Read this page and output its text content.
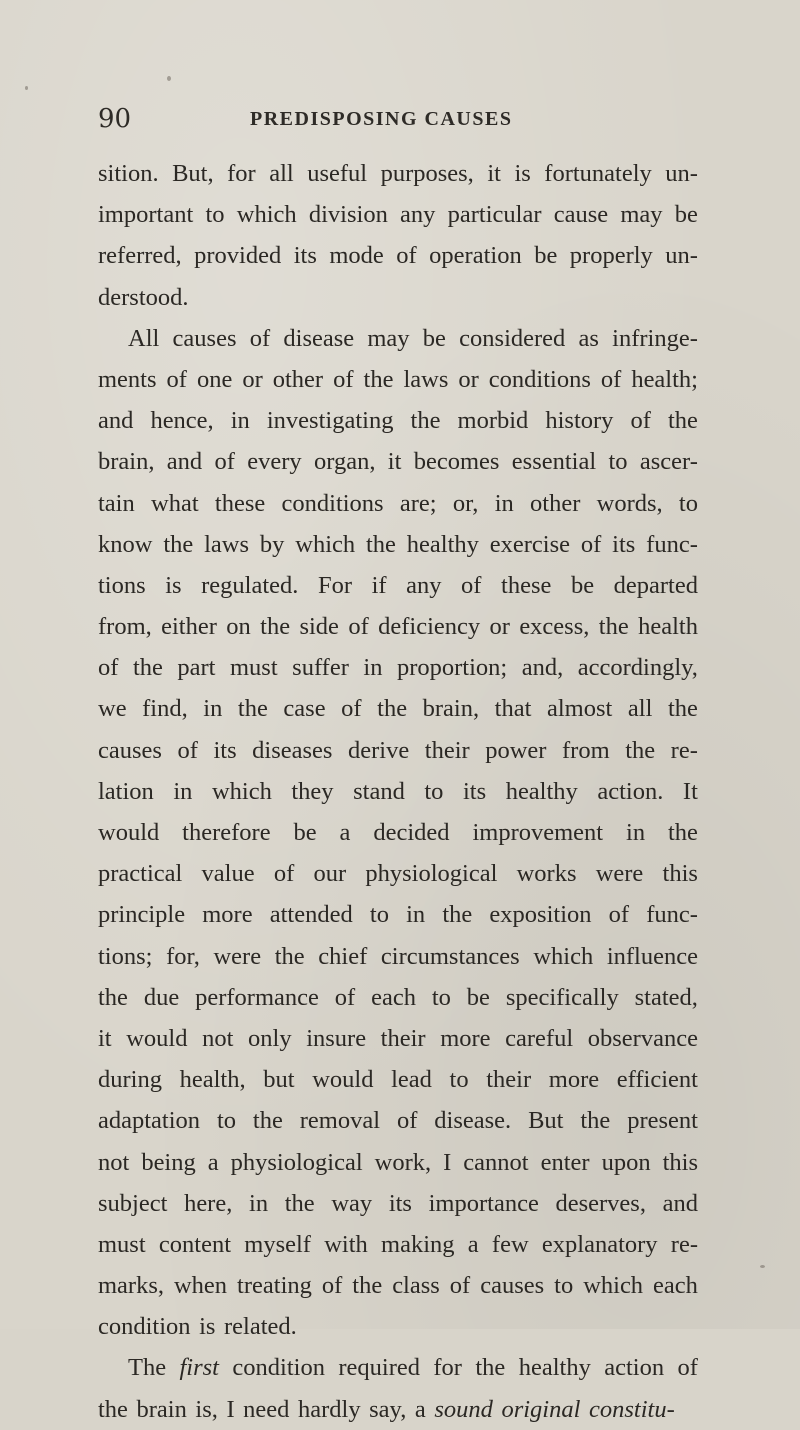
90	PREDISPOSING CAUSES
sition. But, for all useful purposes, it is fortunately un-
important to which division any particular cause may be
referred, provided its mode of operation be properly un-
derstood.
All causes of disease may be considered as infringe-
ments of one or other of the laws or conditions of health;
and hence, in investigating the morbid history of the
brain, and of every organ, it becomes essential to ascer-
tain what these conditions are; or, in other words, to
know the laws by which the healthy exercise of its func-
tions is regulated. For if any of these be departed
from, either on the side of deficiency or excess, the health
of the part must suffer in proportion; and, accordingly,
we find, in the case of the brain, that almost all the
causes of its diseases derive their power from the re-
lation in which they stand to its healthy action. It
would therefore be a decided improvement in the
practical value of our physiological works were this
principle more attended to in the exposition of func-
tions; for, were the chief circumstances which influence
the due performance of each to be specifically stated,
it would not only insure their more careful observance
during health, but would lead to their more efficient
adaptation to the removal of disease. But the present
not being a physiological work, I cannot enter upon this
subject here, in the way its importance deserves, and
must content myself with making a few explanatory re-
marks, when treating of the class of causes to which each
condition is related.
The first condition required for the healthy action of
the brain is, I need hardly say, a sound original constitu-
